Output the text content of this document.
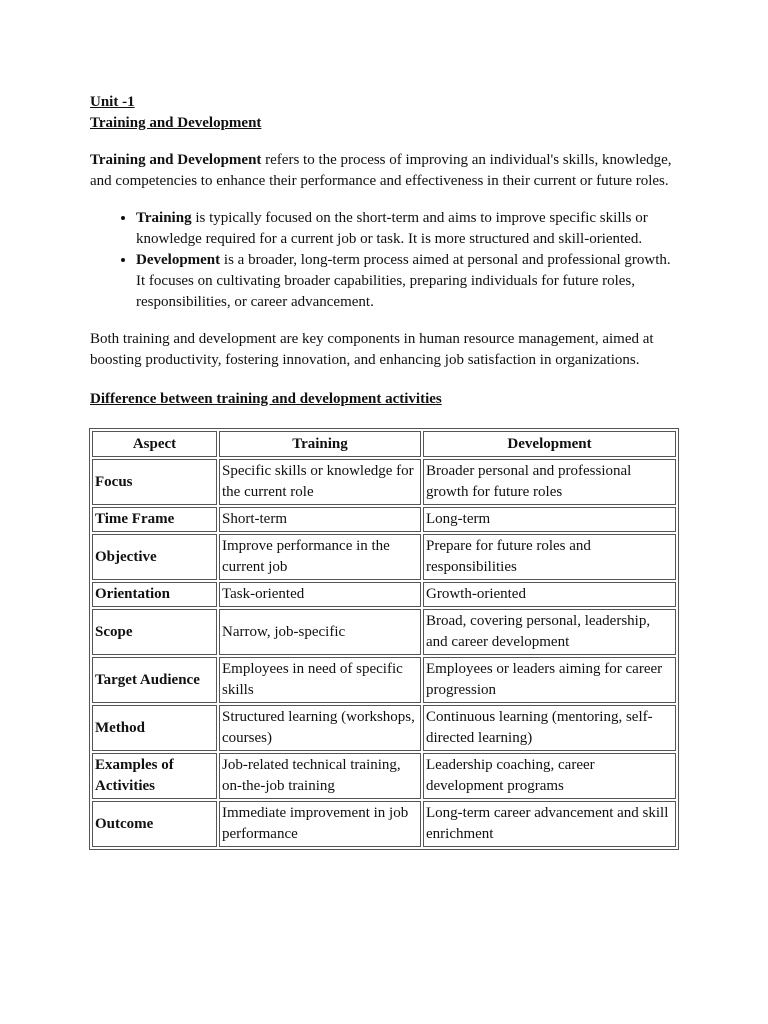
Unit -1

Training and Development

Training and Development refers to the process of improving an individual's skills, knowledge, and competencies to enhance their performance and effectiveness in their current or future roles.

• Training is typically focused on the short-term and aims to improve specific skills or knowledge required for a current job or task. It is more structured and skill-oriented.
• Development is a broader, long-term process aimed at personal and professional growth. It focuses on cultivating broader capabilities, preparing individuals for future roles, responsibilities, or career advancement.

Both training and development are key components in human resource management, aimed at boosting productivity, fostering innovation, and enhancing job satisfaction in organizations.

Difference between training and development activities

Aspect	Training	Development
Focus	Specific skills or knowledge for the current role	Broader personal and professional growth for future roles
Time Frame	Short-term	Long-term
Objective	Improve performance in the current job	Prepare for future roles and responsibilities
Orientation	Task-oriented	Growth-oriented
Scope	Narrow, job-specific	Broad, covering personal, leadership, and career development
Target Audience	Employees in need of specific skills	Employees or leaders aiming for career progression
Method	Structured learning (workshops, courses)	Continuous learning (mentoring, self-directed learning)
Examples of Activities	Job-related technical training, on-the-job training	Leadership coaching, career development programs
Outcome	Immediate improvement in job performance	Long-term career advancement and skill enrichment
